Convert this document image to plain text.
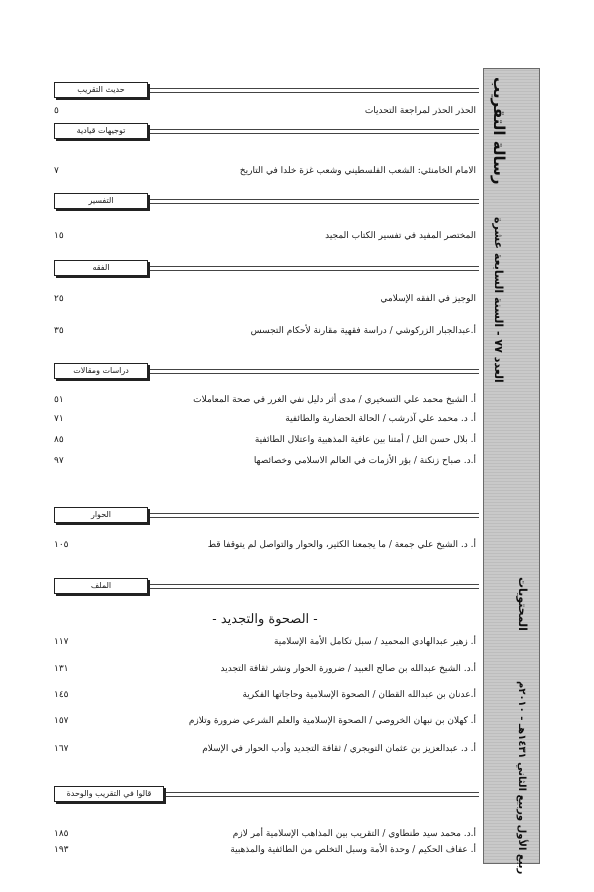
رسالة التقريب
العدد ٧٧ - السنة السابعة عشرة
المحتويات
ربيع الأول وربيع الثاني ١٤٣١هـ - ٢٠١٠م
حديث التقريب
الحذر الحذر لمراجعة التحديات
٥
توجيهات قيادية
الامام الخامنئي: الشعب الفلسطيني وشعب غزة خلدا في التاريخ
٧
التفسير
المختصر المفيد في تفسير الكتاب المجيد
١٥
الفقه
الوجيز في الفقه الإسلامي
٢٥
أ.عبدالجبار الزركوشي / دراسة فقهية مقارنة لأحكام التجسس
٣٥
دراسات ومقالات
أ. الشيخ محمد علي التسخيري / مدى أثر دليل نفي الغرر في صحة المعاملات
٥١
أ. د. محمد علي آذرشب / الحالة الحضارية والطائفية
٧١
أ. بلال حسن التل / أمتنا بين عافية المذهبية واعتلال الطائفية
٨٥
أ.د. صباح زنكنة / بؤر الأزمات في العالم الاسلامي وخصائصها
٩٧
الحوار
أ. د. الشيخ علي جمعة / ما يجمعنا الكثير، والحوار والتواصل لم يتوقفا قط
١٠٥
الملف
- الصحوة والتجديد -
أ. زهير عبدالهادي المحميد / سبل تكامل الأمة الإسلامية
١١٧
أ.د. الشيخ عبدالله بن صالح العبيد / ضرورة الحوار ونشر ثقافة التجديد
١٣١
أ.عدنان بن عبدالله القطان / الصحوة الإسلامية وحاجاتها الفكرية
١٤٥
أ. كهلان بن نبهان الخروصي / الصحوة الإسلامية والعلم الشرعي ضرورة وتلازم
١٥٧
أ. د. عبدالعزيز بن عثمان التويجري / ثقافة التجديد وأدب الحوار في الإسلام
١٦٧
قالوا في التقريب والوحدة
أ.د. محمد سيد طنطاوي / التقريب بين المذاهب الإسلامية أمر لازم
١٨٥
أ. عفاف الحكيم / وحدة الأمة وسبل التخلص من الطائفية والمذهبية
١٩٣
